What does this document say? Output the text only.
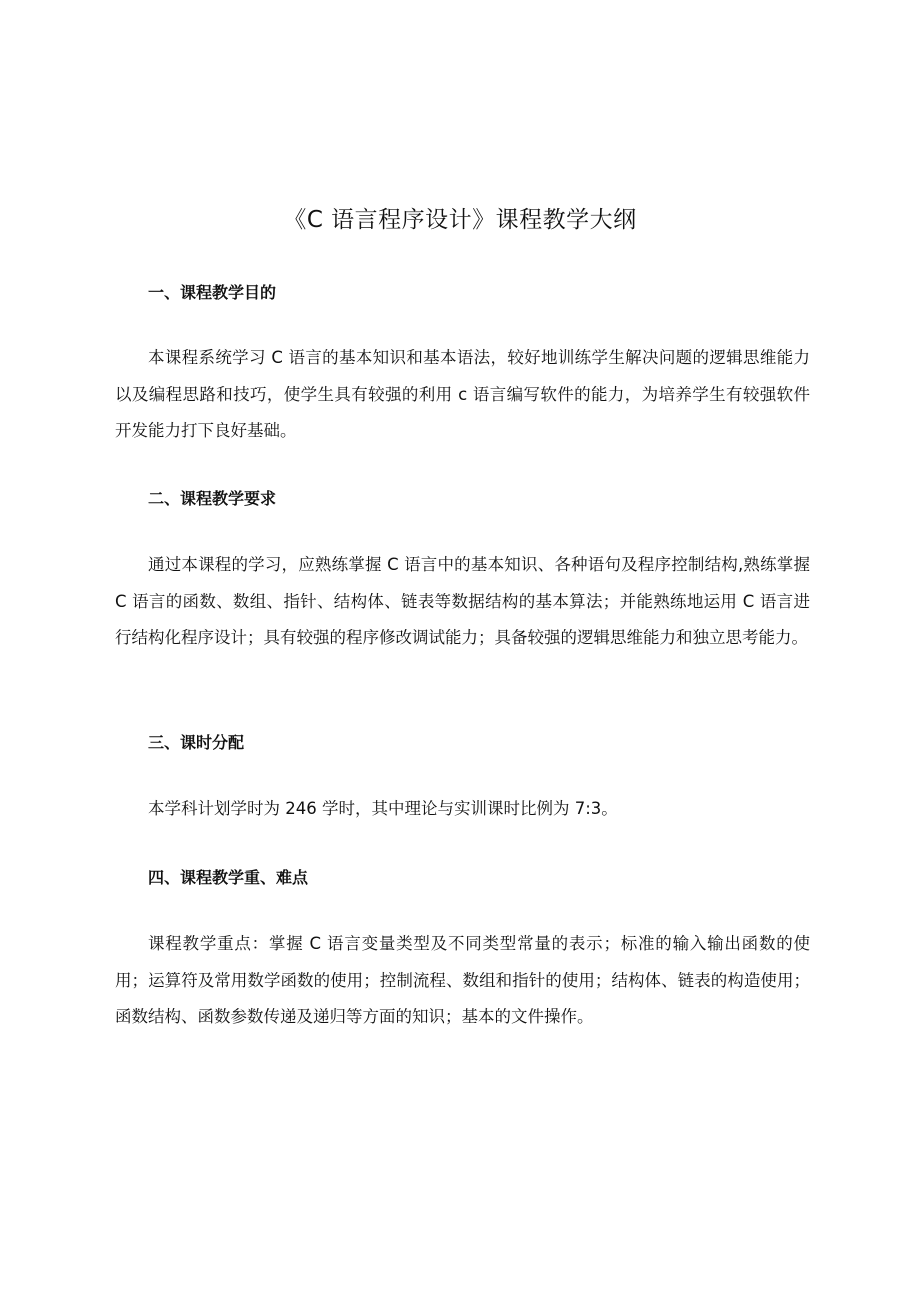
《C 语言程序设计》课程教学大纲
一、课程教学目的

本课程系统学习 C 语言的基本知识和基本语法，较好地训练学生解决问题的逻辑思维能力以及编程思路和技巧，使学生具有较强的利用 c 语言编写软件的能力，为培养学生有较强软件开发能力打下良好基础。

二、课程教学要求

通过本课程的学习，应熟练掌握 C 语言中的基本知识、各种语句及程序控制结构,熟练掌握 C 语言的函数、数组、指针、结构体、链表等数据结构的基本算法；并能熟练地运用 C 语言进行结构化程序设计；具有较强的程序修改调试能力；具备较强的逻辑思维能力和独立思考能力。

三、课时分配

本学科计划学时为 246 学时，其中理论与实训课时比例为 7:3。

四、课程教学重、难点

课程教学重点：掌握 C 语言变量类型及不同类型常量的表示；标准的输入输出函数的使用；运算符及常用数学函数的使用；控制流程、数组和指针的使用；结构体、链表的构造使用；函数结构、函数参数传递及递归等方面的知识；基本的文件操作。
